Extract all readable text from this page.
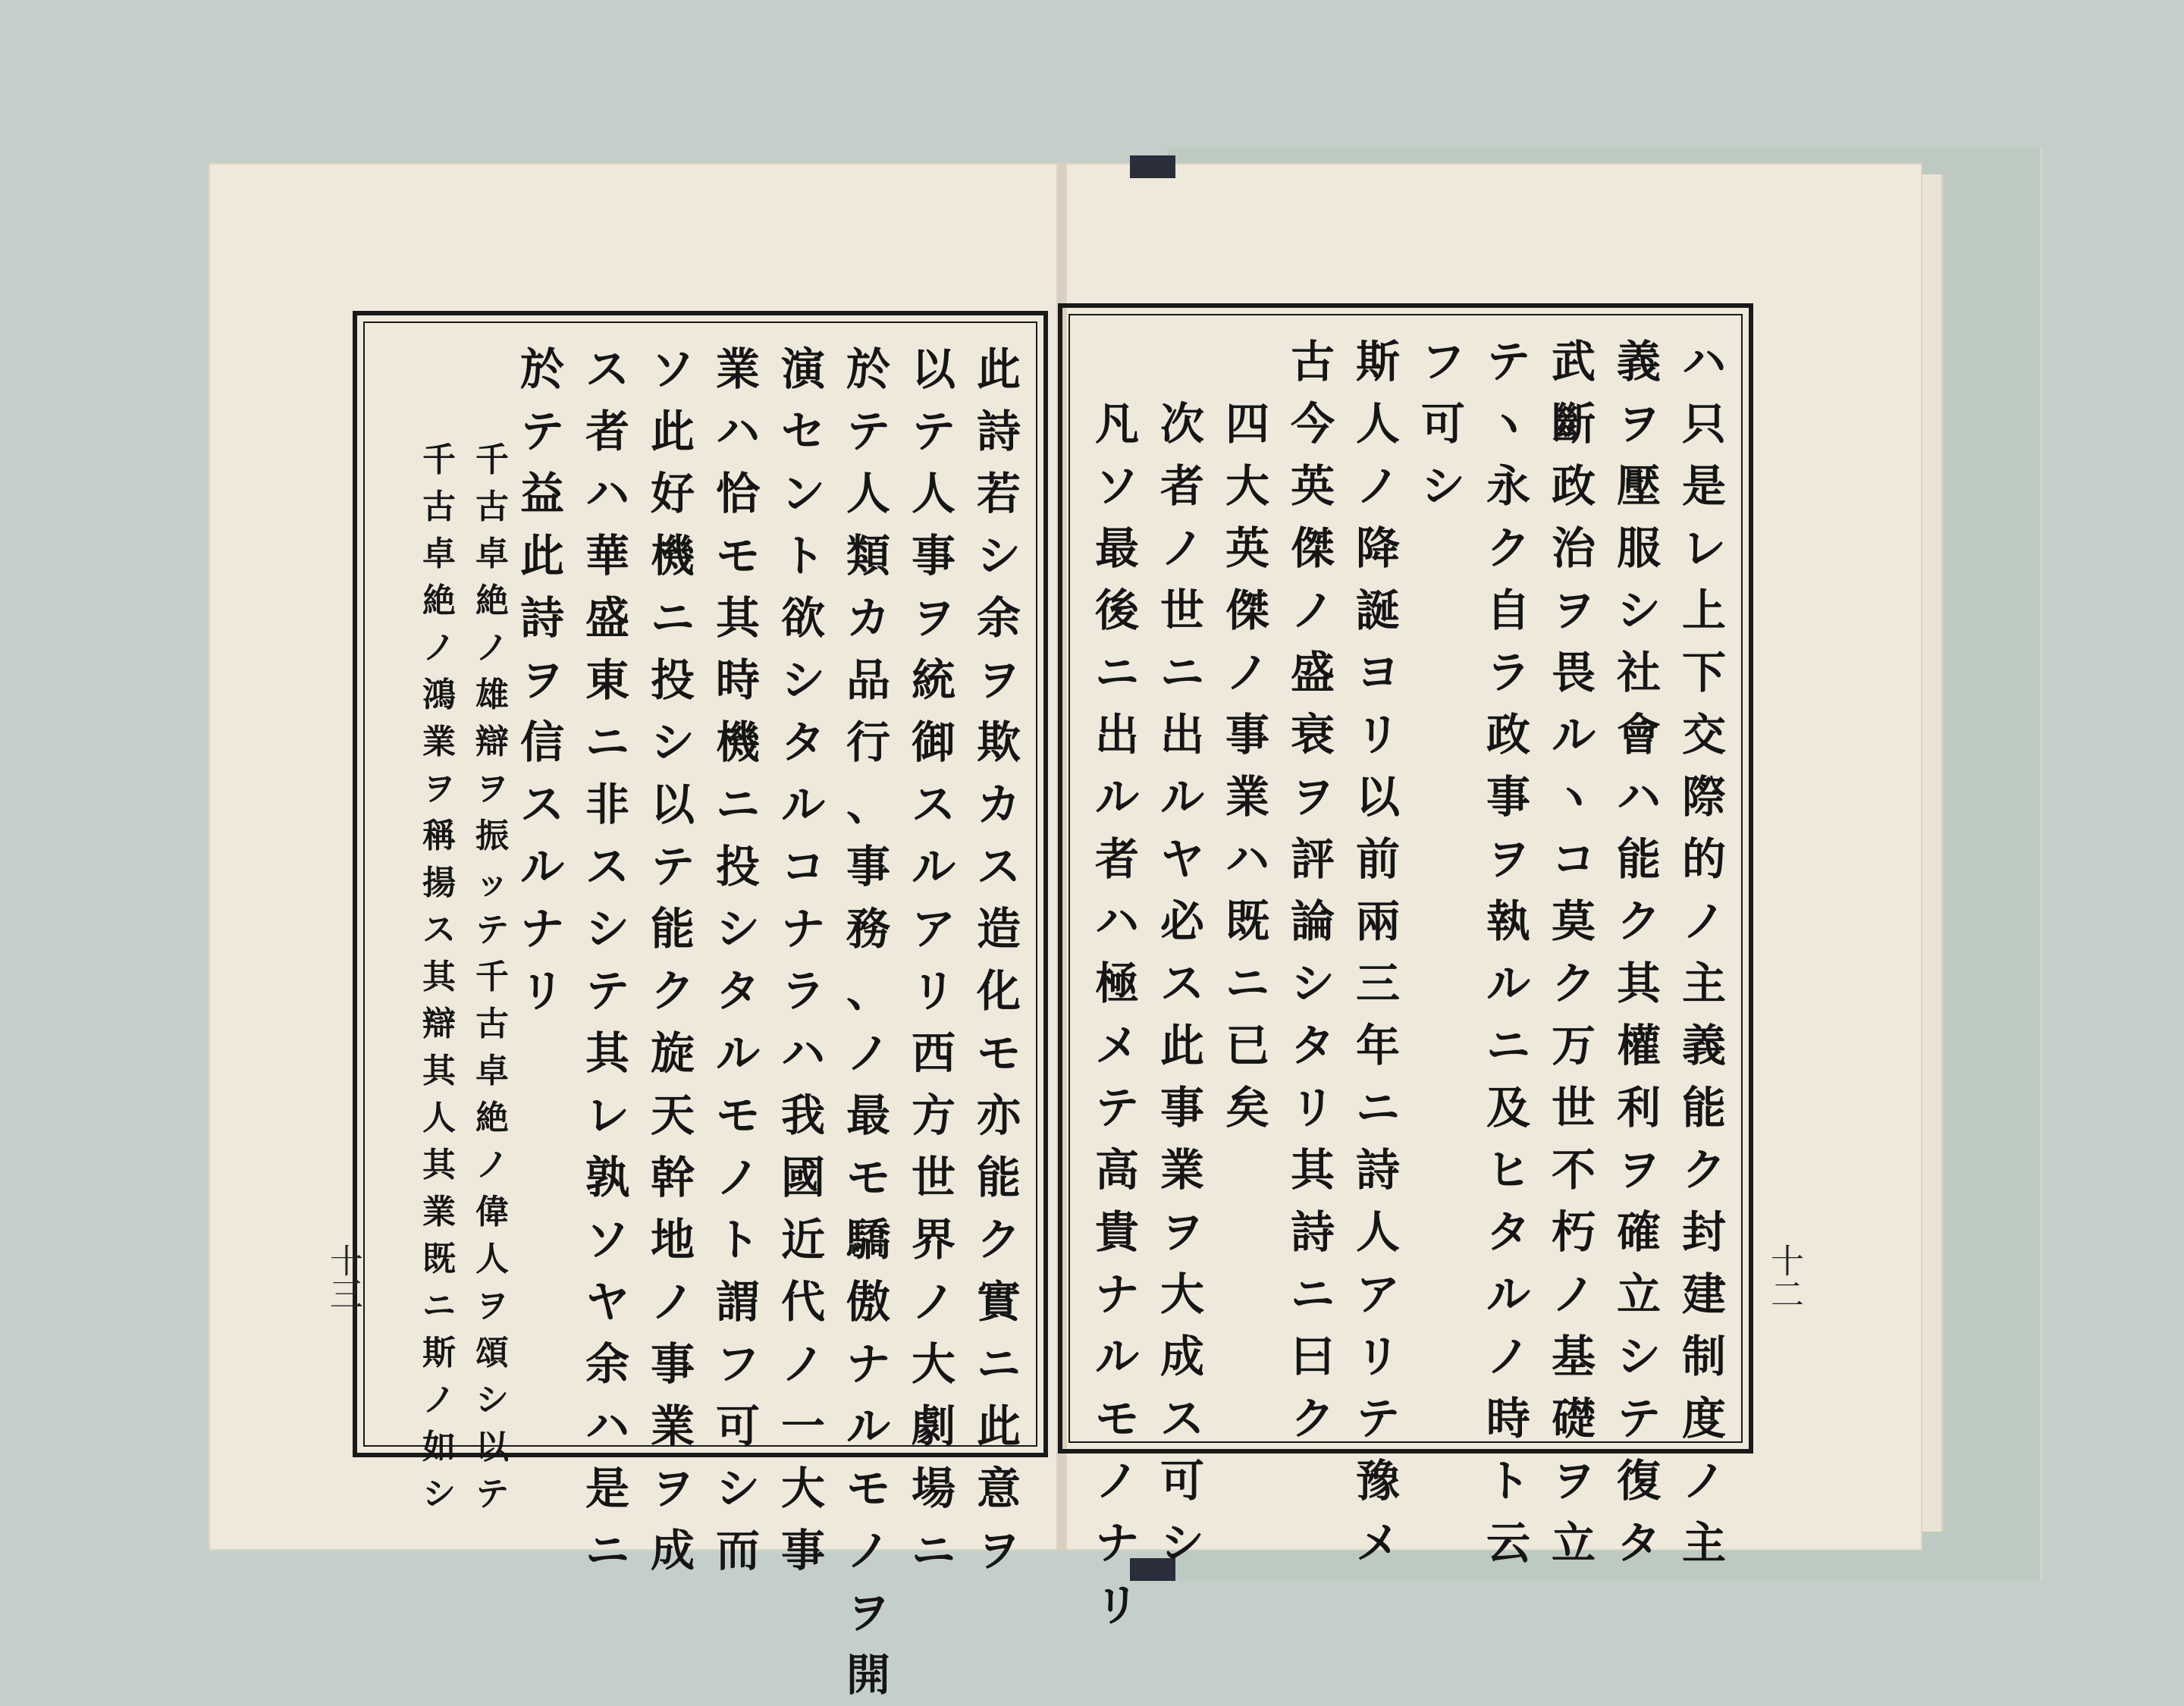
此
詩
若
シ
余
ヲ
欺
カ
ス
造
化
モ
亦
能
ク
實
ニ
此
意
ヲ
以
テ
人
事
ヲ
統
御
ス
ル
ア
リ
西
方
世
界
ノ
大
劇
場
ニ
於
テ
人
類
カ
品
行
、
事
務
、
ノ
最
モ
驕
傲
ナ
ル
モ
ノ
ヲ
開
演
セ
ン
ト
欲
シ
タ
ル
コ
ナ
ラ
ハ
我
國
近
代
ノ
一
大
事
業
ハ
恰
モ
其
時
機
ニ
投
シ
タ
ル
モ
ノ
ト
謂
フ
可
シ
而
ソ
此
好
機
ニ
投
シ
以
テ
能
ク
旋
天
幹
地
ノ
事
業
ヲ
成
ス
者
ハ
華
盛
東
ニ
非
ス
シ
テ
其
レ
孰
ソ
ヤ
余
ハ
是
ニ
於
テ
益
此
詩
ヲ
信
ス
ル
ナ
リ
千
古
卓
絶
ノ
雄
辯
ヲ
振
ッ
テ
千
古
卓
絶
ノ
偉
人
ヲ
頌
シ
以
テ
千
古
卓
絶
ノ
鴻
業
ヲ
稱
揚
ス
其
辯
其
人
其
業
既
ニ
斯
ノ
如
シ
十三
ハ
只
是
レ
上
下
交
際
的
ノ
主
義
能
ク
封
建
制
度
ノ
主
義
ヲ
壓
服
シ
社
會
ハ
能
ク
其
權
利
ヲ
確
立
シ
テ
復
タ
武
斷
政
治
ヲ
畏
ル
ヽ
コ
莫
ク
万
世
不
朽
ノ
基
礎
ヲ
立
テ
ヽ
永
ク
自
ラ
政
事
ヲ
執
ル
ニ
及
ヒ
タ
ル
ノ
時
ト
云
フ
可
シ
斯
人
ノ
降
誕
ヨ
リ
以
前
兩
三
年
ニ
詩
人
ア
リ
テ
豫
メ
古
今
英
傑
ノ
盛
衰
ヲ
評
論
シ
タ
リ
其
詩
ニ
曰
ク
四
大
英
傑
ノ
事
業
ハ
既
ニ
已
矣
次
者
ノ
世
ニ
出
ル
ヤ
必
ス
此
事
業
ヲ
大
成
ス
可
シ
凡
ソ
最
後
ニ
出
ル
者
ハ
極
メ
テ
高
貴
ナ
ル
モ
ノ
ナ
リ
十二
